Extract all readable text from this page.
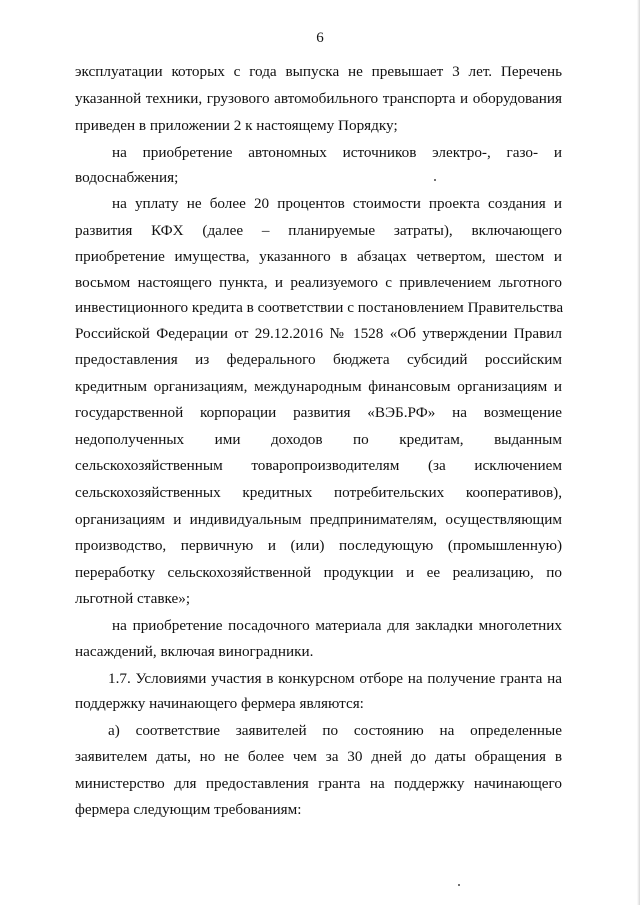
6
эксплуатации которых с года выпуска не превышает 3 лет. Перечень
указанной техники, грузового автомобильного транспорта и оборудования
приведен в приложении 2 к настоящему Порядку;
на приобретение автономных источников электро-, газо- и
водоснабжения;
на уплату не более 20 процентов стоимости проекта создания и
развития КФХ (далее – планируемые затраты), включающего
приобретение имущества, указанного в абзацах четвертом, шестом и
восьмом настоящего пункта, и реализуемого с привлечением льготного
инвестиционного кредита в соответствии с постановлением Правительства
Российской Федерации от 29.12.2016 № 1528 «Об утверждении Правил
предоставления из федерального бюджета субсидий российским
кредитным организациям, международным финансовым организациям и
государственной корпорации развития «ВЭБ.РФ» на возмещение
недополученных ими доходов по кредитам, выданным
сельскохозяйственным товаропроизводителям (за исключением
сельскохозяйственных кредитных потребительских кооперативов),
организациям и индивидуальным предпринимателям, осуществляющим
производство, первичную и (или) последующую (промышленную)
переработку сельскохозяйственной продукции и ее реализацию, по
льготной ставке»;
на приобретение посадочного материала для закладки многолетних
насаждений, включая виноградники.
1.7. Условиями участия в конкурсном отборе на получение гранта на
поддержку начинающего фермера являются:
а) соответствие заявителей по состоянию на определенные
заявителем даты, но не более чем за 30 дней до даты обращения в
министерство для предоставления гранта на поддержку начинающего
фермера следующим требованиям:
